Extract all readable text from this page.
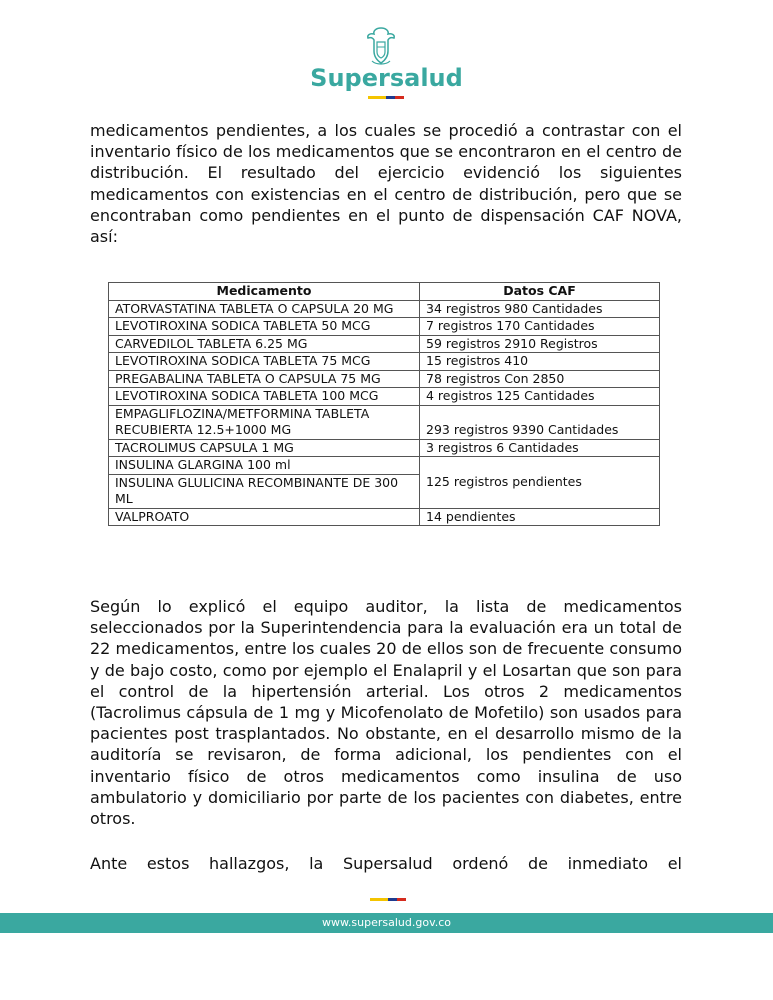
Supersalud

medicamentos pendientes, a los cuales se procedió a contrastar con el inventario físico de los medicamentos que se encontraron en el centro de distribución. El resultado del ejercicio evidenció los siguientes medicamentos con existencias en el centro de distribución, pero que se encontraban como pendientes en el punto de dispensación CAF NOVA, así:

Medicamento	Datos CAF
ATORVASTATINA TABLETA O CAPSULA 20 MG	34 registros 980 Cantidades
LEVOTIROXINA SODICA TABLETA 50 MCG	7 registros 170 Cantidades
CARVEDILOL TABLETA 6.25 MG	59 registros 2910 Registros
LEVOTIROXINA SODICA TABLETA 75 MCG	15 registros 410
PREGABALINA TABLETA O CAPSULA 75 MG	78 registros Con 2850
LEVOTIROXINA SODICA TABLETA 100 MCG	4 registros 125 Cantidades
EMPAGLIFLOZINA/METFORMINA TABLETA RECUBIERTA 12.5+1000 MG	293 registros 9390 Cantidades
TACROLIMUS CAPSULA 1 MG	3 registros 6 Cantidades
INSULINA GLARGINA 100 ml	125 registros pendientes
INSULINA GLULICINA RECOMBINANTE DE 300 ML	
VALPROATO	14 pendientes

Según lo explicó el equipo auditor, la lista de medicamentos seleccionados por la Superintendencia para la evaluación era un total de 22 medicamentos, entre los cuales 20 de ellos son de frecuente consumo y de bajo costo, como por ejemplo el Enalapril y el Losartan que son para el control de la hipertensión arterial. Los otros 2 medicamentos (Tacrolimus cápsula de 1 mg y Micofenolato de Mofetilo) son usados para pacientes post trasplantados. No obstante, en el desarrollo mismo de la auditoría se revisaron, de forma adicional, los pendientes con el inventario físico de otros medicamentos como insulina de uso ambulatorio y domiciliario por parte de los pacientes con diabetes, entre otros.

Ante estos hallazgos, la Supersalud ordenó de inmediato el

www.supersalud.gov.co
